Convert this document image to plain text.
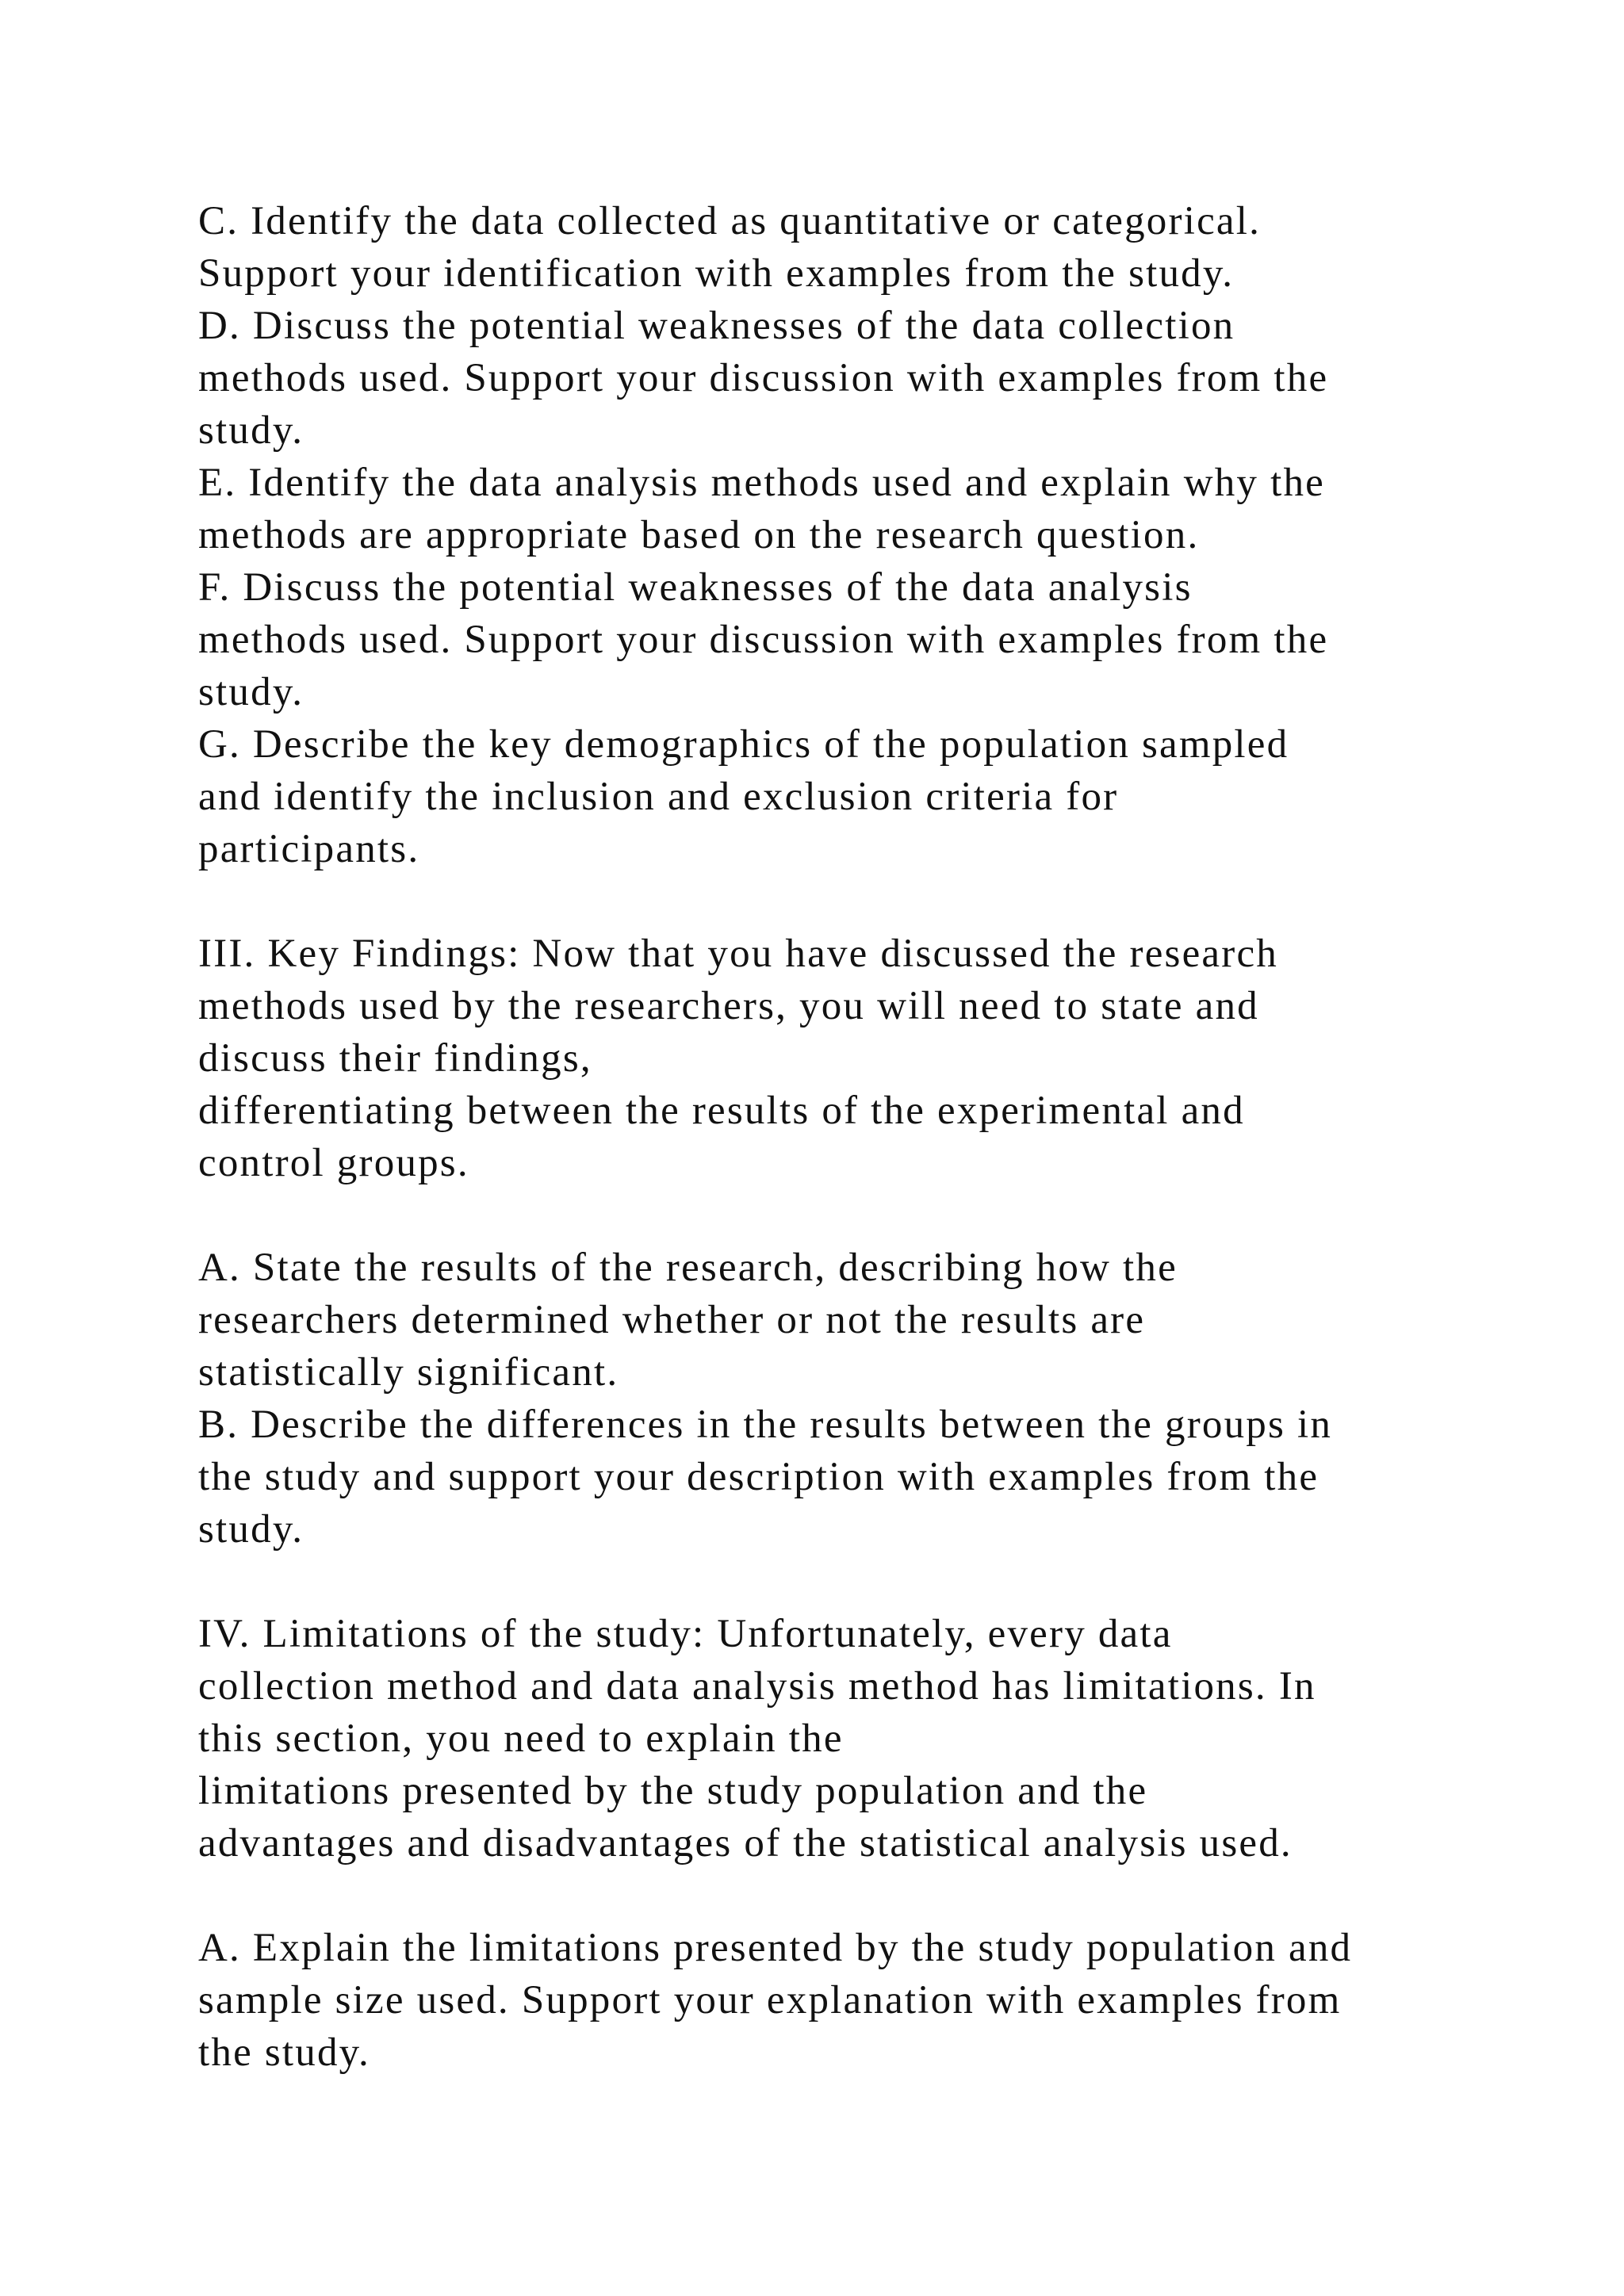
C. Identify the data collected as quantitative or categorical.
Support your identification with examples from the study.
D. Discuss the potential weaknesses of the data collection
methods used. Support your discussion with examples from the
study.
E. Identify the data analysis methods used and explain why the
methods are appropriate based on the research question.
F. Discuss the potential weaknesses of the data analysis
methods used. Support your discussion with examples from the
study.
G. Describe the key demographics of the population sampled
and identify the inclusion and exclusion criteria for
participants.
III. Key Findings: Now that you have discussed the research
methods used by the researchers, you will need to state and
discuss their findings,
differentiating between the results of the experimental and
control groups.
A. State the results of the research, describing how the
researchers determined whether or not the results are
statistically significant.
B. Describe the differences in the results between the groups in
the study and support your description with examples from the
study.
IV. Limitations of the study: Unfortunately, every data
collection method and data analysis method has limitations. In
this section, you need to explain the
limitations presented by the study population and the
advantages and disadvantages of the statistical analysis used.
A. Explain the limitations presented by the study population and
sample size used. Support your explanation with examples from
the study.
